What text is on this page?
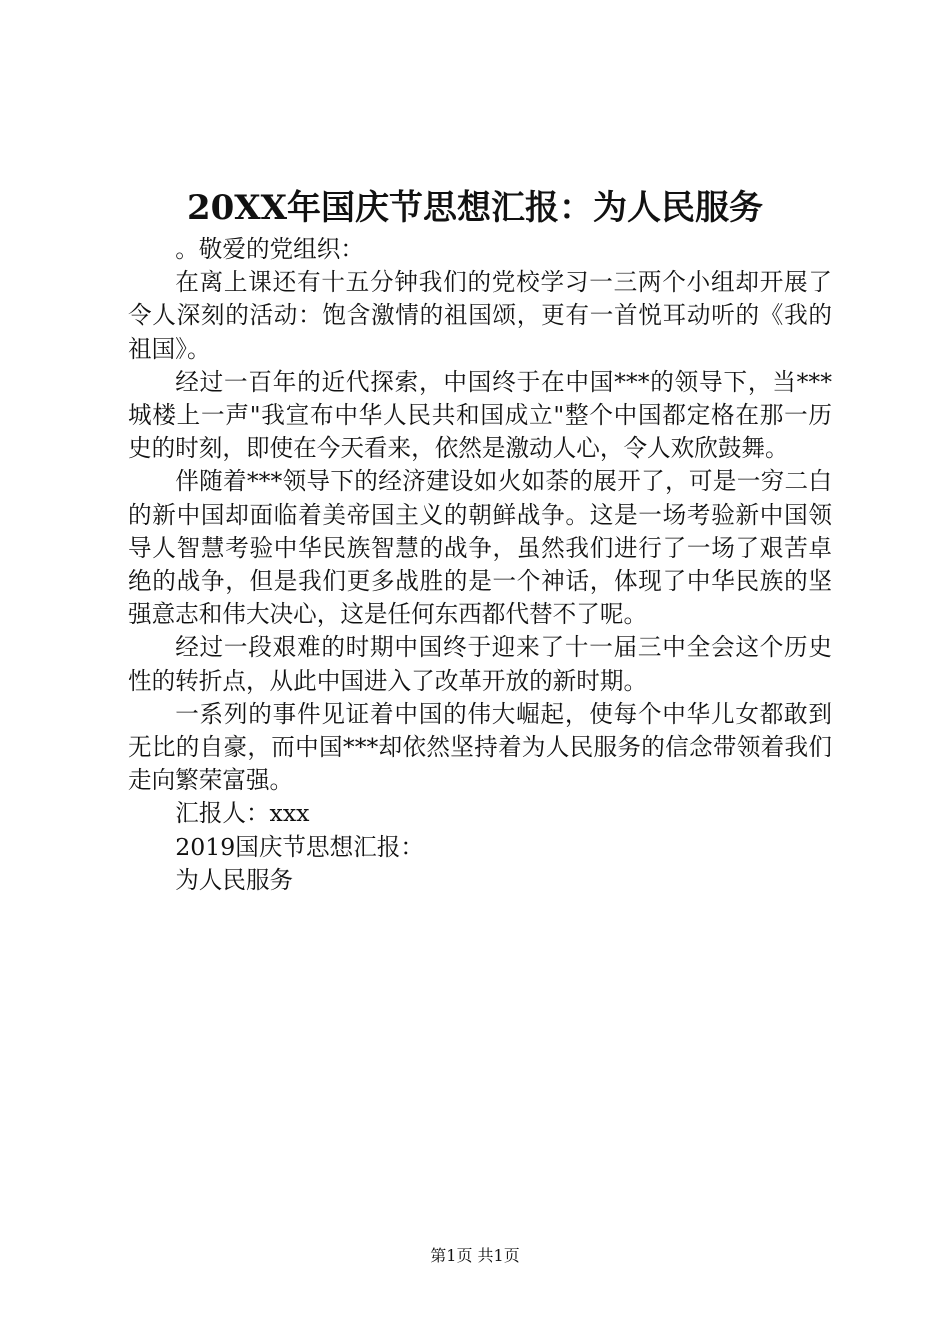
20XX年国庆节思想汇报：为人民服务

。敬爱的党组织：

在离上课还有十五分钟我们的党校学习一三两个小组却开展了令人深刻的活动：饱含激情的祖国颂，更有一首悦耳动听的《我的祖国》。

经过一百年的近代探索，中国终于在中国***的领导下，当***城楼上一声"我宣布中华人民共和国成立"整个中国都定格在那一历史的时刻，即使在今天看来，依然是激动人心，令人欢欣鼓舞。

伴随着***领导下的经济建设如火如荼的展开了，可是一穷二白的新中国却面临着美帝国主义的朝鲜战争。这是一场考验新中国领导人智慧考验中华民族智慧的战争，虽然我们进行了一场了艰苦卓绝的战争，但是我们更多战胜的是一个神话，体现了中华民族的坚强意志和伟大决心，这是任何东西都代替不了呢。

经过一段艰难的时期中国终于迎来了十一届三中全会这个历史性的转折点，从此中国进入了改革开放的新时期。

一系列的事件见证着中国的伟大崛起，使每个中华儿女都敢到无比的自豪，而中国***却依然坚持着为人民服务的信念带领着我们走向繁荣富强。

汇报人：xxx

2019国庆节思想汇报：

为人民服务

第1页 共1页
